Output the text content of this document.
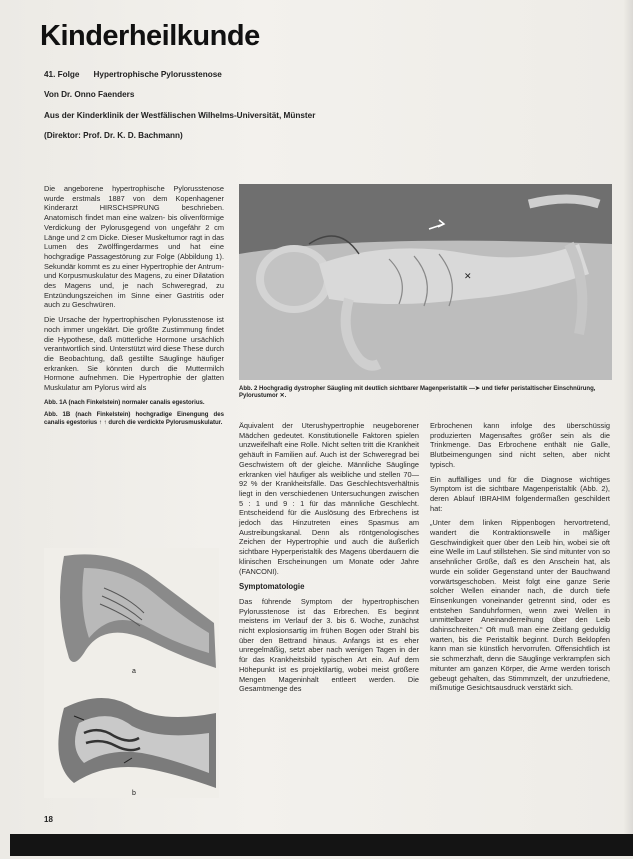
Kinderheilkunde
41. Folge Hypertrophische Pylorusstenose
Von Dr. Onno Faenders
Aus der Kinderklinik der Westfälischen Wilhelms-Universität, Münster
(Direktor: Prof. Dr. K. D. Bachmann)

Die angeborene hypertrophische Pylorusstenose wurde erstmals 1887 von dem Kopenhagener Kinderarzt HIRSCHSPRUNG beschrieben. Anatomisch findet man eine walzen- bis olivenförmige Verdickung der Pylorusgegend von ungefähr 2 cm Länge und 2 cm Dicke. Dieser Muskeltumor ragt in das Lumen des Zwölffingerdarmes und hat eine hochgradige Passagestörung zur Folge (Abbildung 1). Sekundär kommt es zu einer Hypertrophie der Antrum- und Korpusmuskulatur des Magens, zu einer Dilatation des Magens und, je nach Schweregrad, zu Entzündungszeichen im Sinne einer Gastritis oder auch zu Geschwüren.

Die Ursache der hypertrophischen Pylorusstenose ist noch immer ungeklärt. Die größte Zustimmung findet die Hypothese, daß mütterliche Hormone ursächlich verantwortlich sind. Unterstützt wird diese These durch die Beobachtung, daß gestillte Säuglinge häufiger erkranken. Sie könnten durch die Muttermilch Hormone aufnehmen. Die Hypertrophie der glatten Muskulatur am Pylorus wird als

Abb. 1A (nach Finkelstein) normaler canalis egestorius.

Abb. 1B (nach Finkelstein) hochgradige Einengung des canalis egestorius ↑ ↑ durch die verdickte Pylorusmuskulatur.

a
b
✕
Abb. 2 Hochgradig dystropher Säugling mit deutlich sichtbarer Magenperistaltik —➤ und tiefer peristaltischer Einschnürung, Pylorustumor ✕.

Äquivalent der Uterushypertrophie neugeborener Mädchen gedeutet. Konstitutionelle Faktoren spielen unzweifelhaft eine Rolle. Nicht selten tritt die Krankheit gehäuft in Familien auf. Auch ist der Schweregrad bei Geschwistern oft der gleiche. Männliche Säuglinge erkranken viel häufiger als weibliche und stellen 70—92 % der Krankheitsfälle. Das Geschlechtsverhältnis liegt in den verschiedenen Untersuchungen zwischen 5 : 1 und 9 : 1 für das männliche Geschlecht. Entscheidend für die Auslösung des Erbrechens ist jedoch das Hinzutreten eines Spasmus am Austreibungskanal. Denn als röntgenologisches Zeichen der Hypertrophie und auch die äußerlich sichtbare Hyperperistaltik des Magens überdauern die klinischen Erscheinungen um Monate oder Jahre (FANCONI).

Symptomatologie

Das führende Symptom der hypertrophischen Pylorusstenose ist das Erbrechen. Es beginnt meistens im Verlauf der 3. bis 6. Woche, zunächst nicht explosionsartig im frühen Bogen oder Strahl bis über den Bettrand hinaus. Anfangs ist es eher unregelmäßig, setzt aber nach wenigen Tagen in der für das Krankheitsbild typischen Art ein. Auf dem Höhepunkt ist es projektilartig, wobei meist größere Mengen Mageninhalt entleert werden. Die Gesamtmenge des

Erbrochenen kann infolge des überschüssig produzierten Magensaftes größer sein als die Trinkmenge. Das Erbrochene enthält nie Galle, Blutbeimengungen sind nicht selten, aber nicht typisch.

Ein auffälliges und für die Diagnose wichtiges Symptom ist die sichtbare Magenperistaltik (Abb. 2), deren Ablauf IBRAHIM folgendermaßen geschildert hat:

„Unter dem linken Rippenbogen hervortretend, wandert die Kontraktionswelle in mäßiger Geschwindigkeit quer über den Leib hin, wobei sie oft eine Welle im Lauf stillstehen. Sie sind mitunter von so ansehnlicher Größe, daß es den Anschein hat, als wurde ein solider Gegenstand unter der Bauchwand vorwärtsgeschoben. Meist folgt eine ganze Serie solcher Wellen einander nach, die durch tiefe Einsenkungen voneinander getrennt sind, oder es entstehen Sanduhrformen, wenn zwei Wellen in unmittelbarer Aneinanderreihung über den Leib dahinschreiten.“ Oft muß man eine Zeitlang geduldig warten, bis die Peristaltik beginnt. Durch Beklopfen kann man sie künstlich hervorrufen. Offensichtlich ist sie schmerzhaft, denn die Säuglinge verkrampfen sich mitunter am ganzen Körper, die Arme werden torisch gebeugt gehalten, das Stimmmzelt, der unzufriedene, mißmutige Gesichtsausdruck verstärkt sich.

18
